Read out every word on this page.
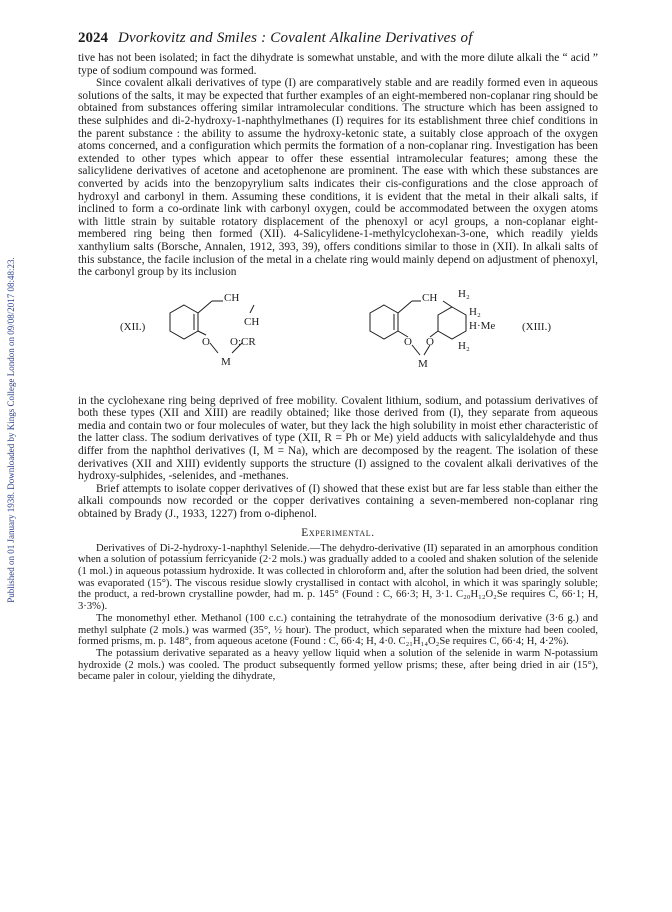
Published on 01 January 1938. Downloaded by Kings College London on 09/08/2017 08:48:23.
2024 Dvorkovitz and Smiles : Covalent Alkaline Derivatives of

tive has not been isolated; in fact the dihydrate is somewhat unstable, and with the more dilute alkali the “ acid ” type of sodium compound was formed.

Since covalent alkali derivatives of type (I) are comparatively stable and are readily formed even in aqueous solutions of the salts, it may be expected that further examples of an eight-membered non-coplanar ring should be obtained from substances offering similar intramolecular conditions. The structure which has been assigned to these sulphides and di-2-hydroxy-1-naphthylmethanes (I) requires for its establishment three chief conditions in the parent substance : the ability to assume the hydroxy-ketonic state, a suitably close approach of the oxygen atoms concerned, and a configuration which permits the formation of a non-coplanar ring. Investigation has been extended to other types which appear to offer these essential intramolecular features; among these the salicylidene derivatives of acetone and acetophenone are prominent. The ease with which these substances are converted by acids into the benzopyrylium salts indicates their cis-configurations and the close approach of hydroxyl and carbonyl in them. Assuming these conditions, it is evident that the metal in their alkali salts, if inclined to form a co-ordinate link with carbonyl oxygen, could be accommodated between the oxygen atoms with little strain by suitable rotatory displacement of the phenoxyl or acyl groups, a non-coplanar eight-membered ring being then formed (XII). 4-Salicylidene-1-methylcyclohexan-3-one, which readily yields xanthylium salts (Borsche, Annalen, 1912, 393, 39), offers conditions similar to those in (XII). In alkali salts of this substance, the facile inclusion of the metal in a chelate ring would mainly depend on adjustment of phenoxyl, the carbonyl group by its inclusion

(XII.)	(XIII.)
CH
CH
O O:CR
M
CH H₂
H₂
H·Me
H₂
O O
M

in the cyclohexane ring being deprived of free mobility. Covalent lithium, sodium, and potassium derivatives of both these types (XII and XIII) are readily obtained; like those derived from (I), they separate from aqueous media and contain two or four molecules of water, but they lack the high solubility in moist ether characteristic of the latter class. The sodium derivatives of type (XII, R = Ph or Me) yield adducts with salicylaldehyde and thus differ from the naphthol derivatives (I, M = Na), which are decomposed by the reagent. The isolation of these derivatives (XII and XIII) evidently supports the structure (I) assigned to the covalent alkali derivatives of the hydroxy-sulphides, -selenides, and -methanes.

Brief attempts to isolate copper derivatives of (I) showed that these exist but are far less stable than either the alkali compounds now recorded or the copper derivatives containing a seven-membered non-coplanar ring obtained by Brady (J., 1933, 1227) from o-diphenol.

Experimental.

Derivatives of Di-2-hydroxy-1-naphthyl Selenide.—The dehydro-derivative (II) separated in an amorphous condition when a solution of potassium ferricyanide (2·2 mols.) was gradually added to a cooled and shaken solution of the selenide (1 mol.) in aqueous potassium hydroxide. It was collected in chloroform and, after the solution had been dried, the solvent was evaporated (15°). The viscous residue slowly crystallised in contact with alcohol, in which it was sparingly soluble; the product, a red-brown crystalline powder, had m. p. 145° (Found : C, 66·3; H, 3·1. C₂₀H₁₂O₂Se requires C, 66·1; H, 3·3%).

The monomethyl ether. Methanol (100 c.c.) containing the tetrahydrate of the monosodium derivative (3·6 g.) and methyl sulphate (2 mols.) was warmed (35°, ½ hour). The product, which separated when the mixture had been cooled, formed prisms, m. p. 148°, from aqueous acetone (Found : C, 66·4; H, 4·0. C₂₁H₁₄O₂Se requires C, 66·4; H, 4·2%).

The potassium derivative separated as a heavy yellow liquid when a solution of the selenide in warm N-potassium hydroxide (2 mols.) was cooled. The product subsequently formed yellow prisms; these, after being dried in air (15°), became paler in colour, yielding the dihydrate,
